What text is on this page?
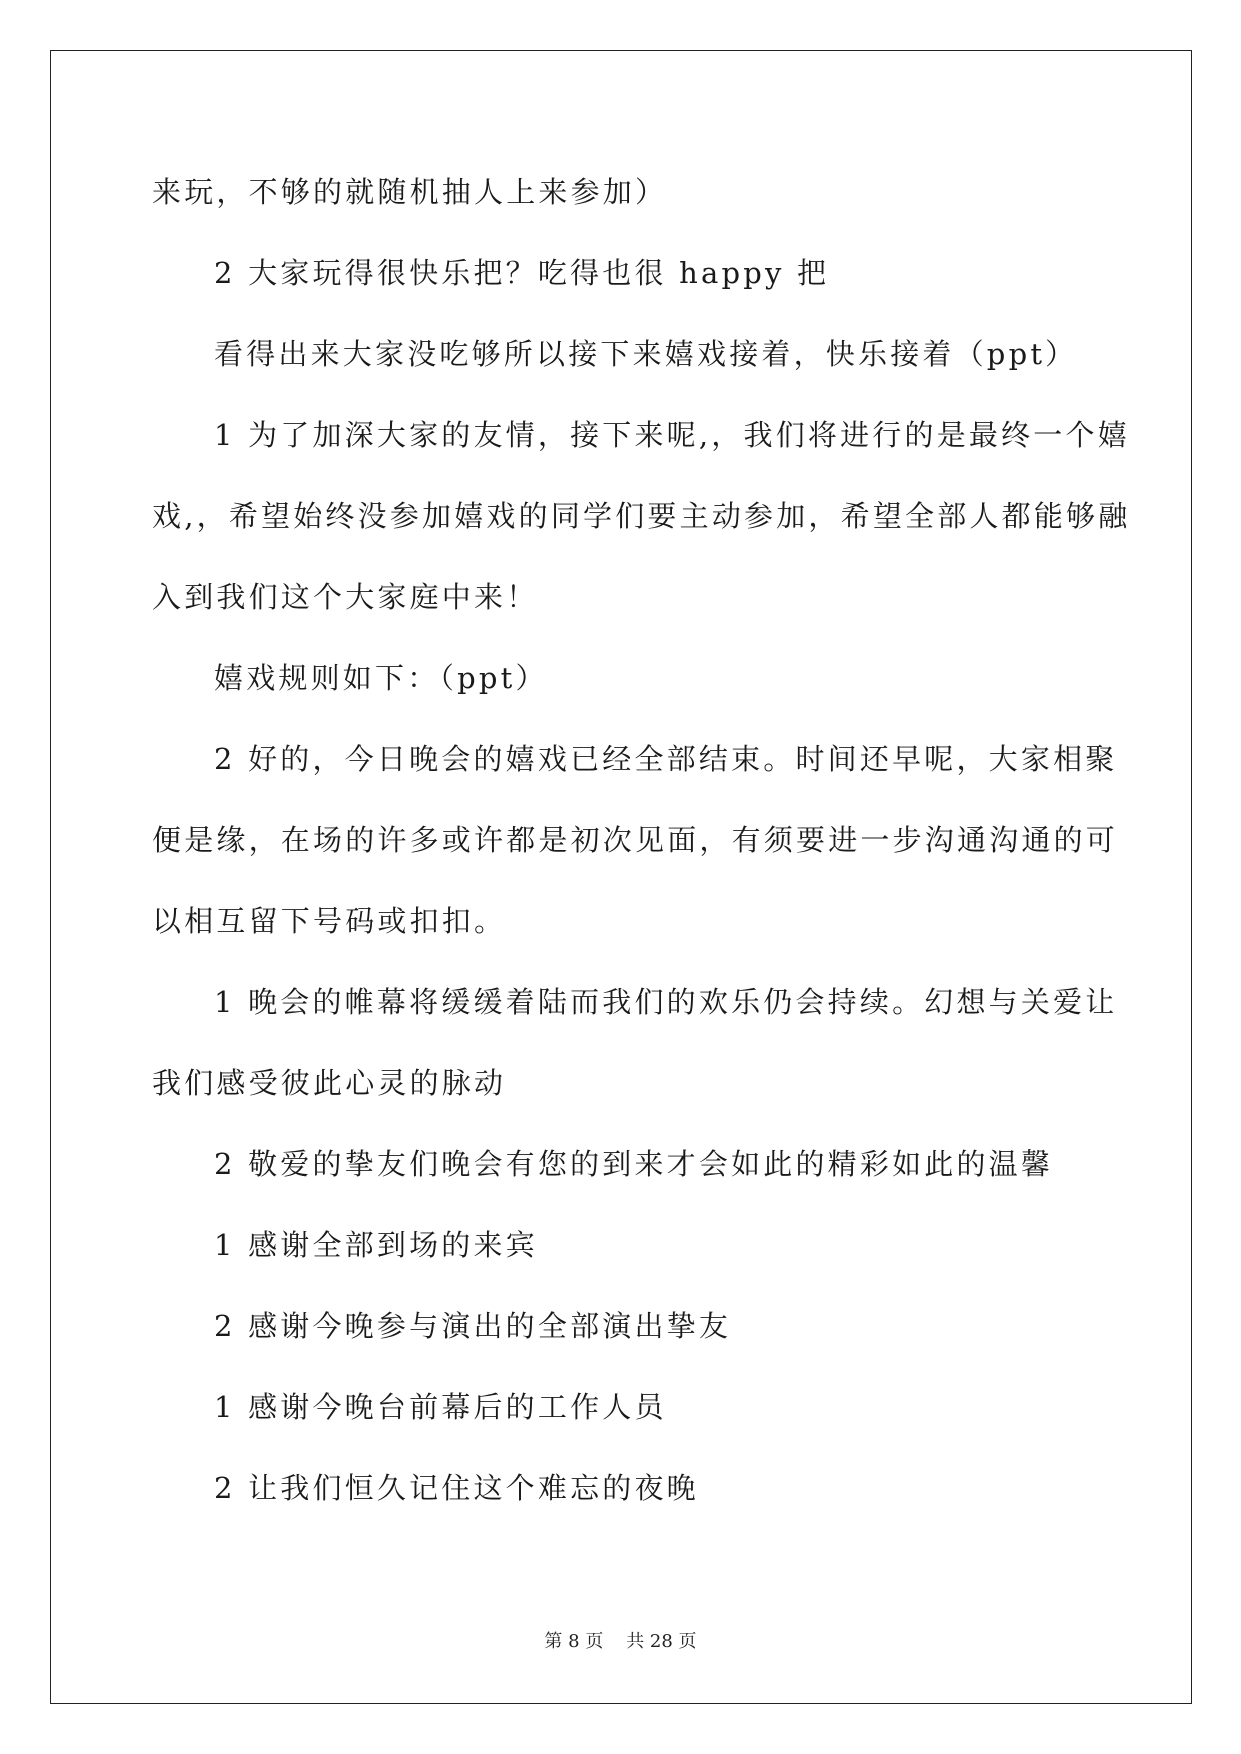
来玩，不够的就随机抽人上来参加）
2 大家玩得很快乐把？吃得也很 happy 把
看得出来大家没吃够所以接下来嬉戏接着，快乐接着（ppt）
1 为了加深大家的友情，接下来呢,，我们将进行的是最终一个嬉
戏,，希望始终没参加嬉戏的同学们要主动参加，希望全部人都能够融
入到我们这个大家庭中来！
嬉戏规则如下：（ppt）
2 好的，今日晚会的嬉戏已经全部结束。时间还早呢，大家相聚
便是缘，在场的许多或许都是初次见面，有须要进一步沟通沟通的可
以相互留下号码或扣扣。
1 晚会的帷幕将缓缓着陆而我们的欢乐仍会持续。幻想与关爱让
我们感受彼此心灵的脉动
2 敬爱的挚友们晚会有您的到来才会如此的精彩如此的温馨
1 感谢全部到场的来宾
2 感谢今晚参与演出的全部演出挚友
1 感谢今晚台前幕后的工作人员
2 让我们恒久记住这个难忘的夜晚
第 8 页    共 28 页
